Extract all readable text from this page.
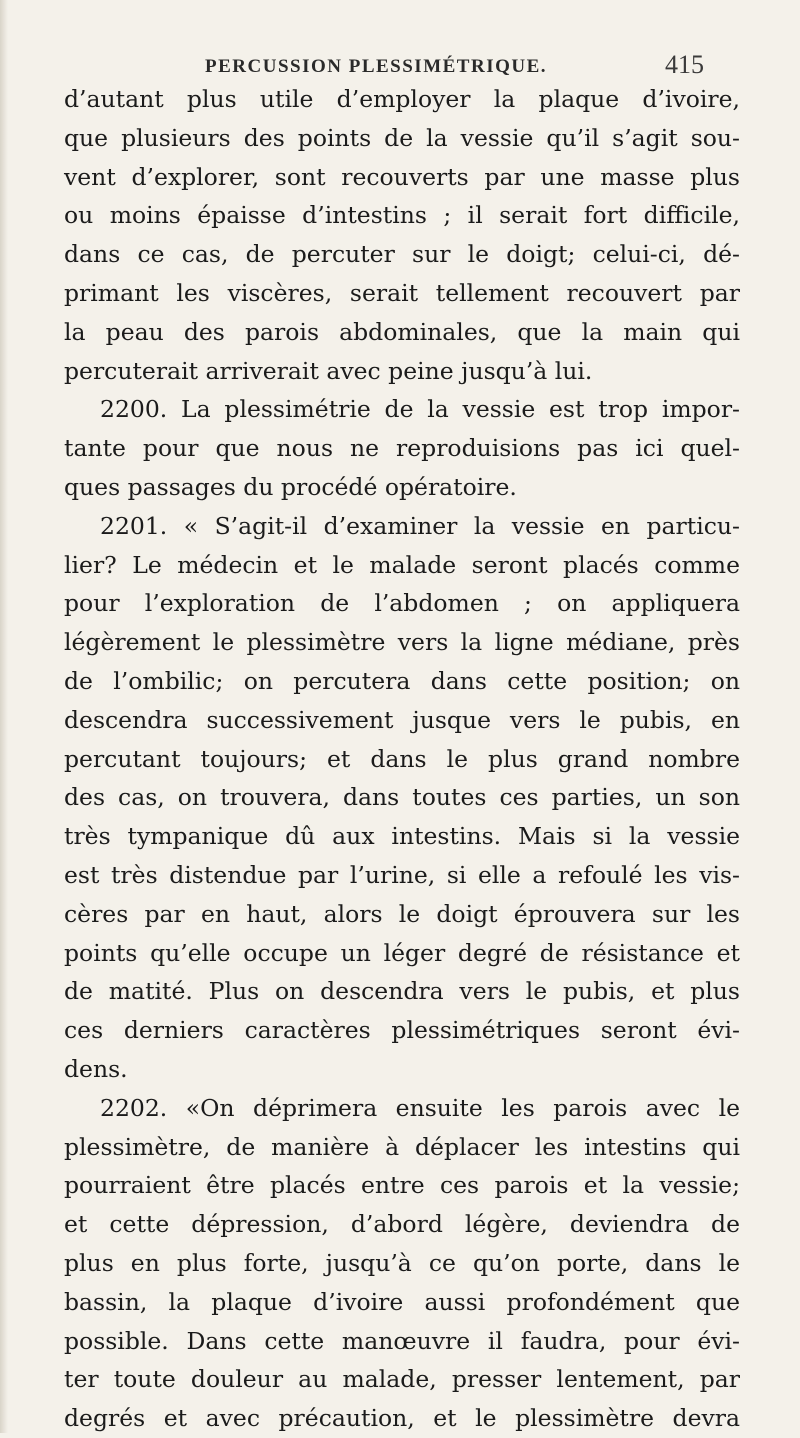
PERCUSSION PLESSIMÉTRIQUE.	415
d’autant plus utile d’employer la plaque d’ivoire,
que plusieurs des points de la vessie qu’il s’agit sou-
vent d’explorer, sont recouverts par une masse plus
ou moins épaisse d’intestins ; il serait fort difficile,
dans ce cas, de percuter sur le doigt; celui-ci, dé-
primant les viscères, serait tellement recouvert par
la peau des parois abdominales, que la main qui
percuterait arriverait avec peine jusqu’à lui.
2200. La plessimétrie de la vessie est trop impor-
tante pour que nous ne reproduisions pas ici quel-
ques passages du procédé opératoire.
2201. « S’agit-il d’examiner la vessie en particu-
lier? Le médecin et le malade seront placés comme
pour l’exploration de l’abdomen ; on appliquera
légèrement le plessimètre vers la ligne médiane, près
de l’ombilic; on percutera dans cette position; on
descendra successivement jusque vers le pubis, en
percutant toujours; et dans le plus grand nombre
des cas, on trouvera, dans toutes ces parties, un son
très tympanique dû aux intestins. Mais si la vessie
est très distendue par l’urine, si elle a refoulé les vis-
cères par en haut, alors le doigt éprouvera sur les
points qu’elle occupe un léger degré de résistance et
de matité. Plus on descendra vers le pubis, et plus
ces derniers caractères plessimétriques seront évi-
dens.
2202. «On déprimera ensuite les parois avec le
plessimètre, de manière à déplacer les intestins qui
pourraient être placés entre ces parois et la vessie;
et cette dépression, d’abord légère, deviendra de
plus en plus forte, jusqu’à ce qu’on porte, dans le
bassin, la plaque d’ivoire aussi profondément que
possible. Dans cette manœuvre il faudra, pour évi-
ter toute douleur au malade, presser lentement, par
degrés et avec précaution, et le plessimètre devra
